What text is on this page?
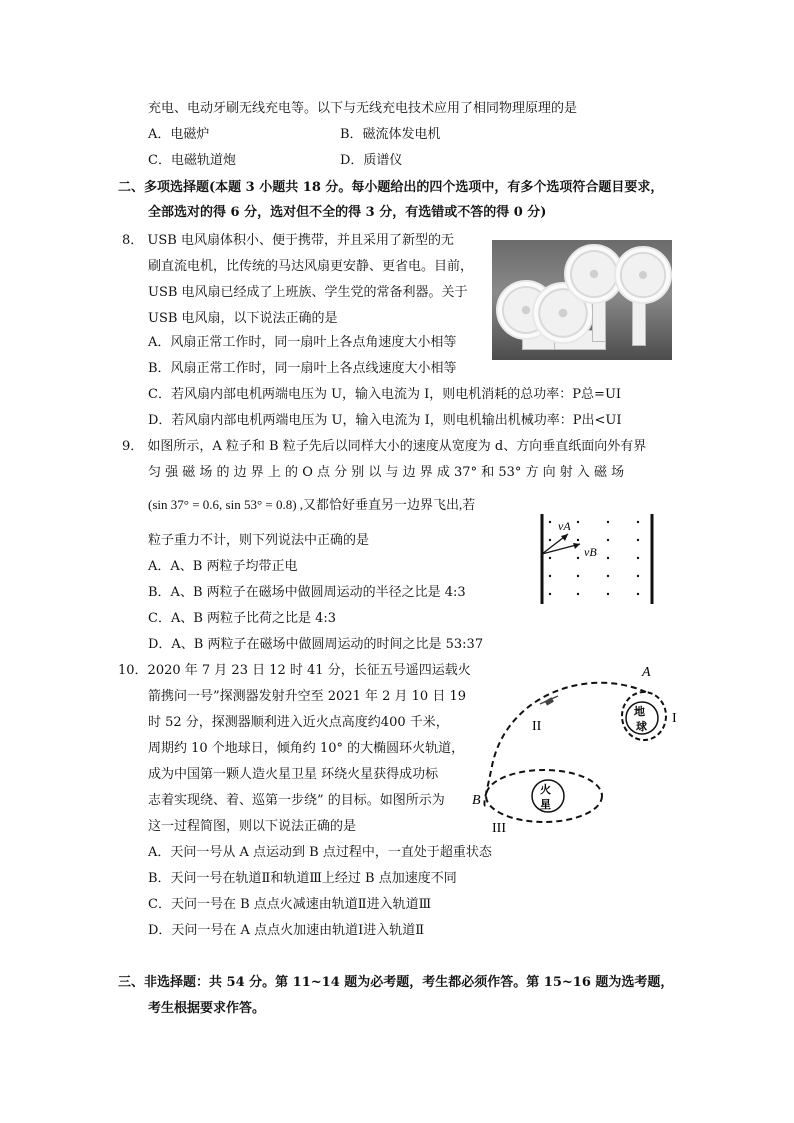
充电、电动牙刷无线充电等。以下与无线充电技术应用了相同物理原理的是
A．电磁炉	B．磁流体发电机
C．电磁轨道炮	D．质谱仪
二、多项选择题(本题 3 小题共 18 分。每小题给出的四个选项中，有多个选项符合题目要求，
全部选对的得 6 分，选对但不全的得 3 分，有选错或不答的得 0 分)
8． USB 电风扇体积小、便于携带，并且采用了新型的无
刷直流电机，比传统的马达风扇更安静、更省电。目前，
USB 电风扇已经成了上班族、学生党的常备利器。关于
USB 电风扇，以下说法正确的是
A．风扇正常工作时，同一扇叶上各点角速度大小相等
B．风扇正常工作时，同一扇叶上各点线速度大小相等
C．若风扇内部电机两端电压为 U，输入电流为 I，则电机消耗的总功率：P总=UI
D．若风扇内部电机两端电压为 U，输入电流为 I，则电机输出机械功率：P出<UI
9． 如图所示，A 粒子和 B 粒子先后以同样大小的速度从宽度为 d、方向垂直纸面向外有界
匀 强 磁 场 的 边 界 上 的 O 点 分 别 以 与 边 界 成 37° 和 53° 方 向 射 入 磁 场
(sin 37° = 0.6, sin 53° = 0.8) ,又都恰好垂直另一边界飞出,若
粒子重力不计，则下列说法中正确的是
A．A、B 两粒子均带正电
B．A、B 两粒子在磁场中做圆周运动的半径之比是 4:3
C．A、B 两粒子比荷之比是 4:3
D．A、B 两粒子在磁场中做圆周运动的时间之比是 53:37
vA
vB
10．2020 年 7 月 23 日 12 时 41 分，长征五号遥四运载火
箭携问一号”探测器发射升空至 2021 年 2 月 10 日 19
时 52 分，探测器顺利进入近火点高度约400 千米，
周期约 10 个地球日，倾角约 10° 的大椭圆环火轨道，
成为中国第一颗人造火星卫星 环绕火星获得成功标
志着实现绕、着、巡第一步绕” 的目标。如图所示为
这一过程简图，则以下说法正确的是
A．天问一号从 A 点运动到 B 点过程中，一直处于超重状态
B．天问一号在轨道Ⅱ和轨道Ⅲ上经过 B 点加速度不同
C．天问一号在 B 点点火减速由轨道Ⅱ进入轨道Ⅲ
D．天问一号在 A 点点火加速由轨道Ⅰ进入轨道Ⅱ
地
球
火
星
A
B
I
II
III
三、非选择题：共 54 分。第 11~14 题为必考题，考生都必须作答。第 15~16 题为选考题，
考生根据要求作答。
